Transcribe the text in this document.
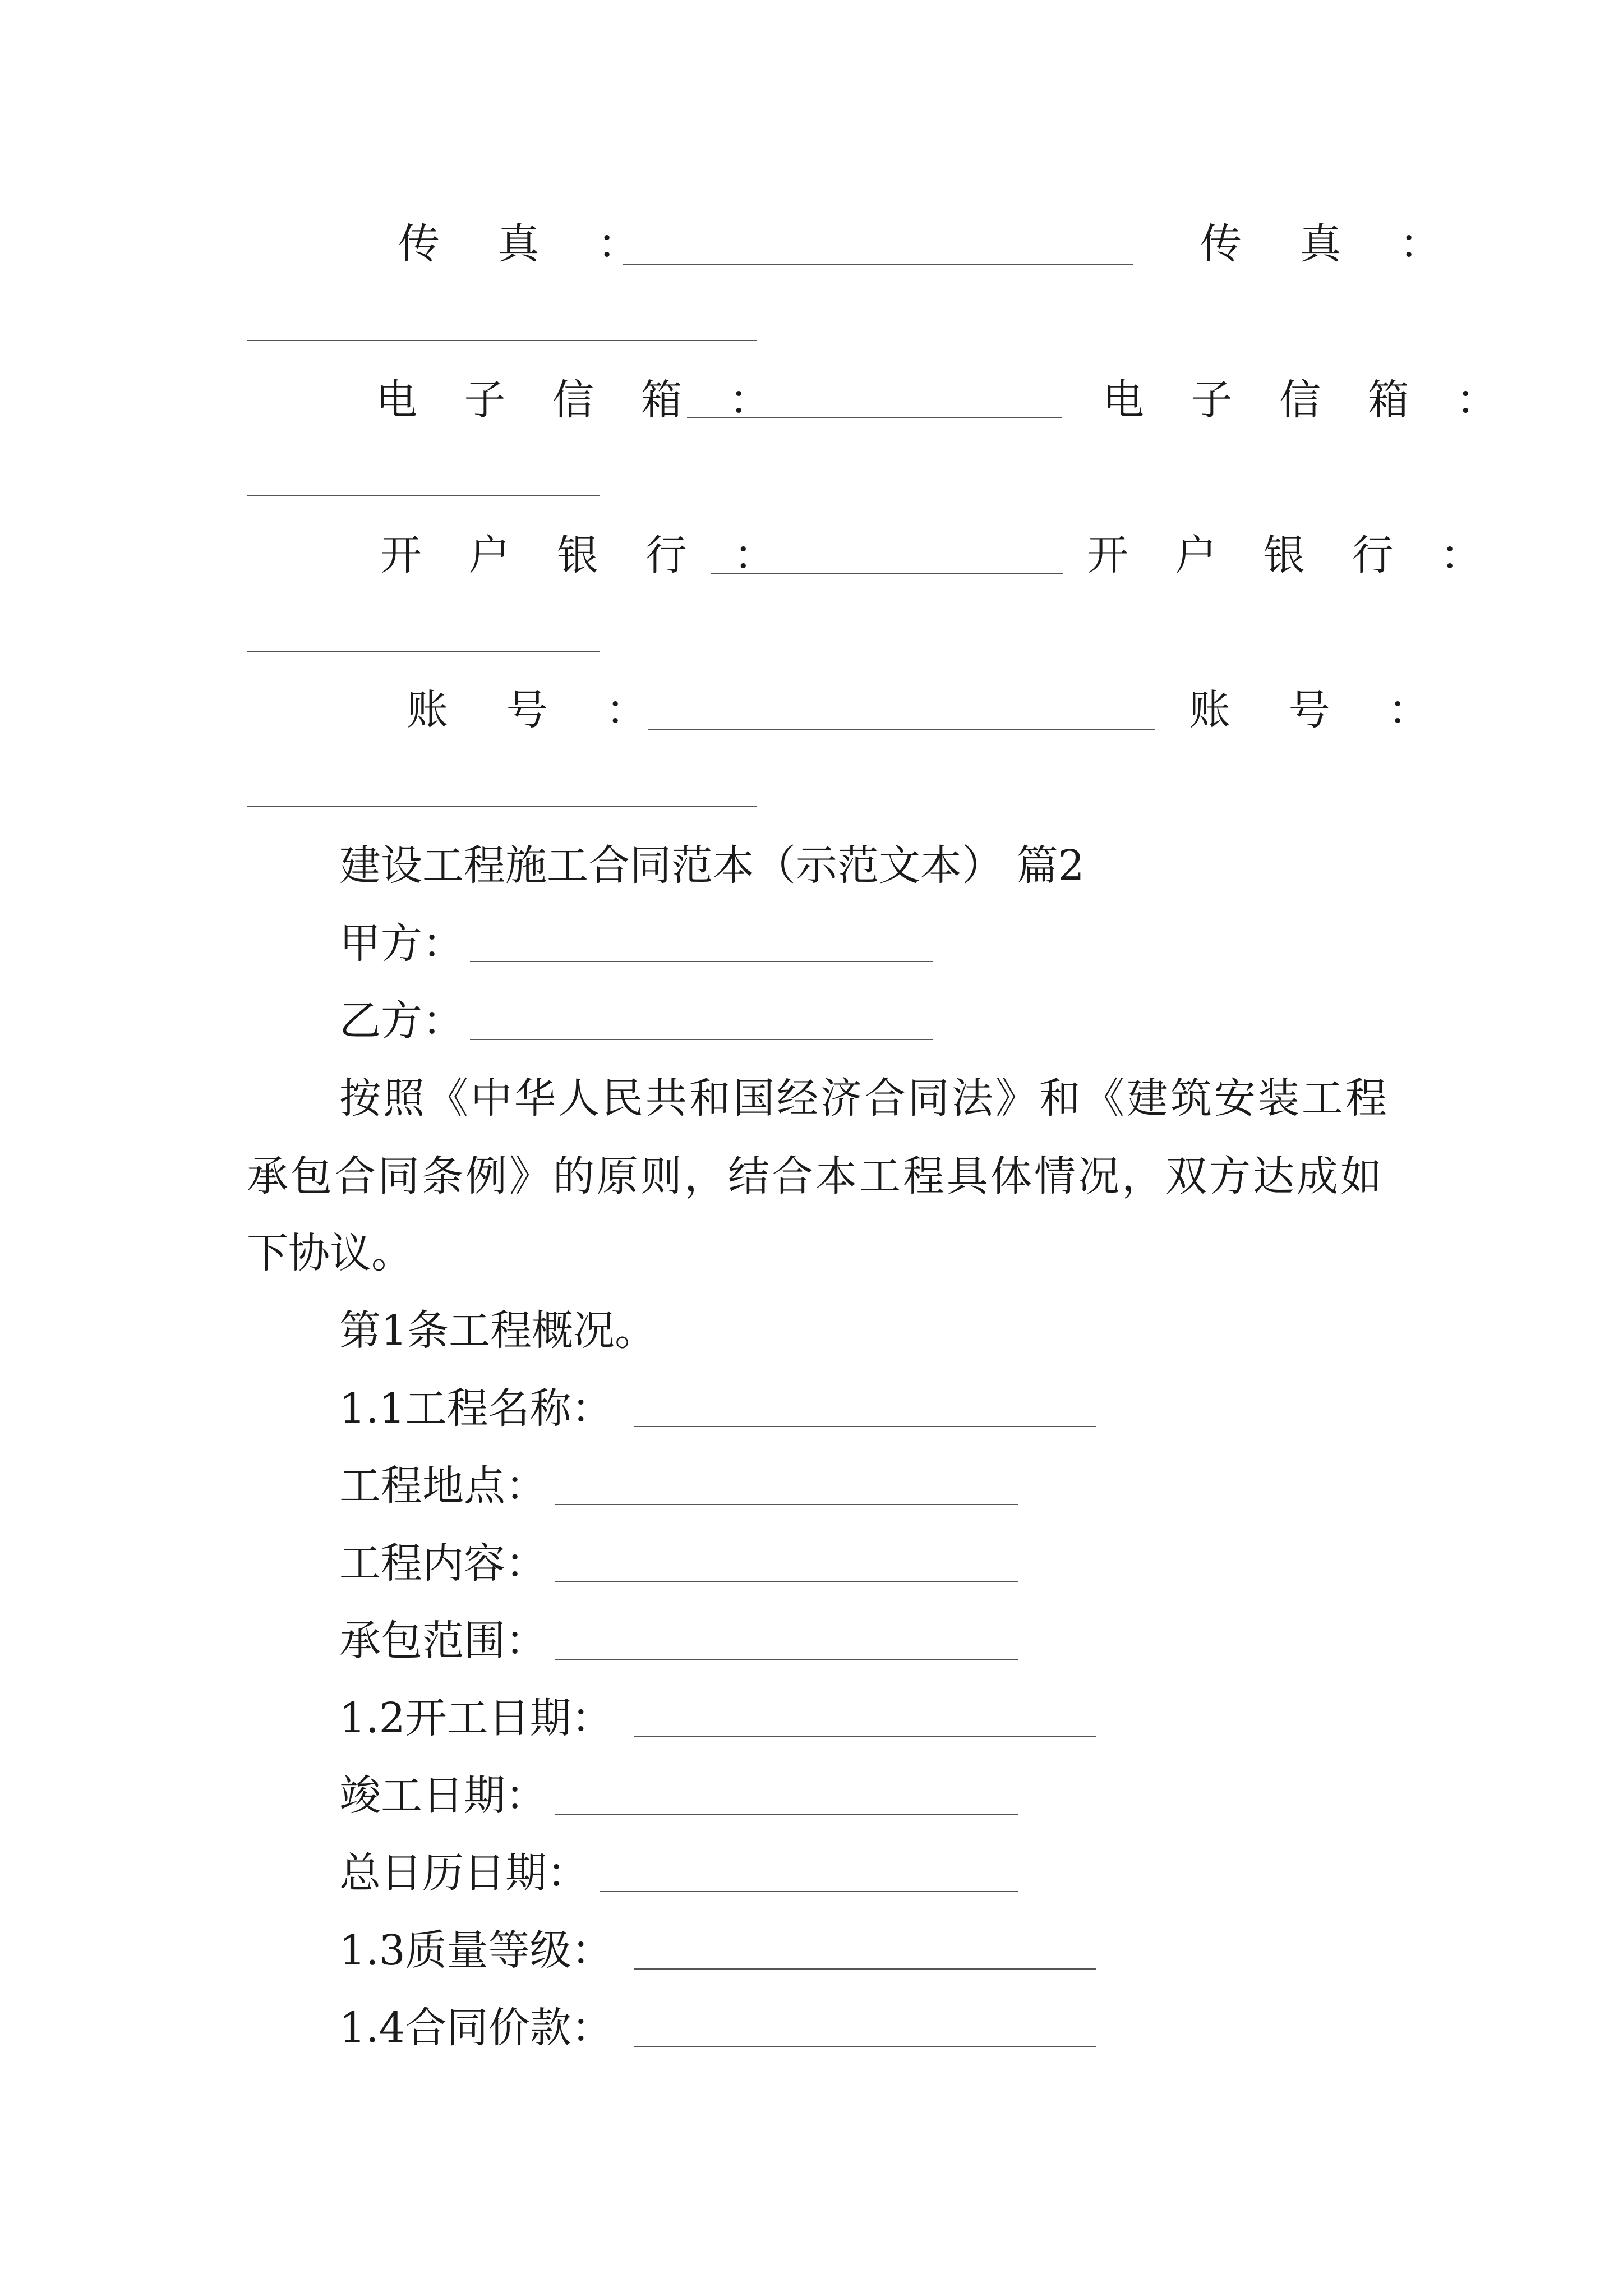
传 真 ：	传 真 ：
电 子 信 箱 ：	电 子 信 箱 ：
开 户 银 行 ：	开 户 银 行 ：
账 号 ：	账 号 ：
建设工程施工合同范本（示范文本） 篇2
甲方：
乙方：
按照《中华人民共和国经济合同法》和《建筑安装工程
承包合同条例》的原则，结合本工程具体情况，双方达成如
下协议。
第1条工程概况。
1.1工程名称：
工程地点：
工程内容：
承包范围：
1.2开工日期：
竣工日期：
总日历日期：
1.3质量等级：
1.4合同价款：
